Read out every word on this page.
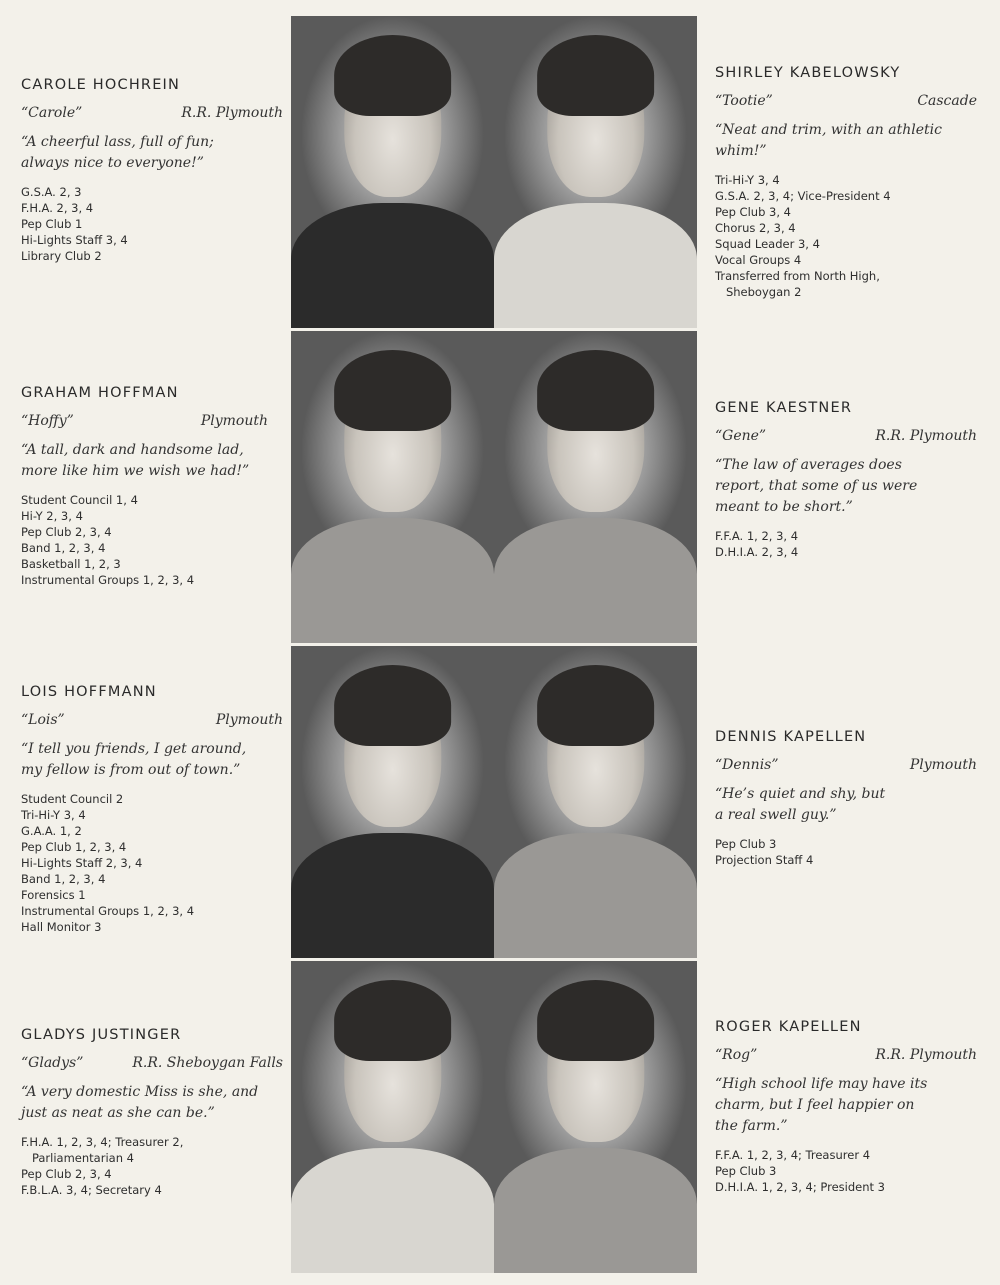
CAROLE HOCHREIN
“Carole”	R.R. Plymouth
“A cheerful lass, full of fun;
always nice to everyone!”
G.S.A. 2, 3
F.H.A. 2, 3, 4
Pep Club 1
Hi-Lights Staff 3, 4
Library Club 2
GRAHAM HOFFMAN
“Hoffy”	Plymouth
“A tall, dark and handsome lad,
more like him we wish we had!”
Student Council 1, 4
Hi-Y 2, 3, 4
Pep Club 2, 3, 4
Band 1, 2, 3, 4
Basketball 1, 2, 3
Instrumental Groups 1, 2, 3, 4
LOIS HOFFMANN
“Lois”	Plymouth
“I tell you friends, I get around,
my fellow is from out of town.”
Student Council 2
Tri-Hi-Y 3, 4
G.A.A. 1, 2
Pep Club 1, 2, 3, 4
Hi-Lights Staff 2, 3, 4
Band 1, 2, 3, 4
Forensics 1
Instrumental Groups 1, 2, 3, 4
Hall Monitor 3
GLADYS JUSTINGER
“Gladys”	R.R. Sheboygan Falls
“A very domestic Miss is she, and
just as neat as she can be.”
F.H.A. 1, 2, 3, 4; Treasurer 2,
Parliamentarian 4
Pep Club 2, 3, 4
F.B.L.A. 3, 4; Secretary 4
SHIRLEY KABELOWSKY
“Tootie”	Cascade
“Neat and trim, with an athletic
whim!”
Tri-Hi-Y 3, 4
G.S.A. 2, 3, 4; Vice-President 4
Pep Club 3, 4
Chorus 2, 3, 4
Squad Leader 3, 4
Vocal Groups 4
Transferred from North High,
Sheboygan 2
GENE KAESTNER
“Gene”	R.R. Plymouth
“The law of averages does
report, that some of us were
meant to be short.”
F.F.A. 1, 2, 3, 4
D.H.I.A. 2, 3, 4
DENNIS KAPELLEN
“Dennis”	Plymouth
“He’s quiet and shy, but
a real swell guy.”
Pep Club 3
Projection Staff 4
ROGER KAPELLEN
“Rog”	R.R. Plymouth
“High school life may have its
charm, but I feel happier on
the farm.”
F.F.A. 1, 2, 3, 4; Treasurer 4
Pep Club 3
D.H.I.A. 1, 2, 3, 4; President 3
